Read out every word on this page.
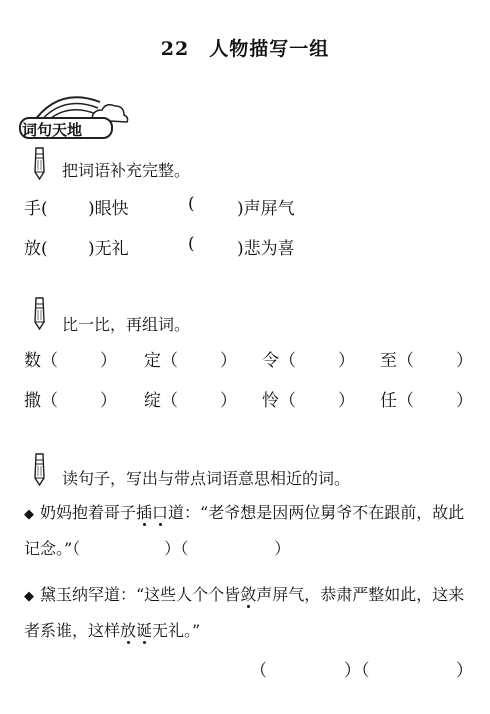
22　人物描写一组
词句天地
把词语补充完整。
手( )眼快	( )声屏气
放( )无礼	( )悲为喜
比一比，再组词。
数（ ） 定（ ） 令（ ） 至（ ）
撒（ ） 绽（ ） 怜（ ） 任（ ）
读句子，写出与带点词语意思相近的词。
◆ 奶妈抱着哥子插口道：“老爷想是因两位舅爷不在跟前，故此记念。”（	）（	）
◆ 黛玉纳罕道：“这些人个个皆敛声屏气，恭肃严整如此，这来者系谁，这样放诞无礼。”
（	）（	）
